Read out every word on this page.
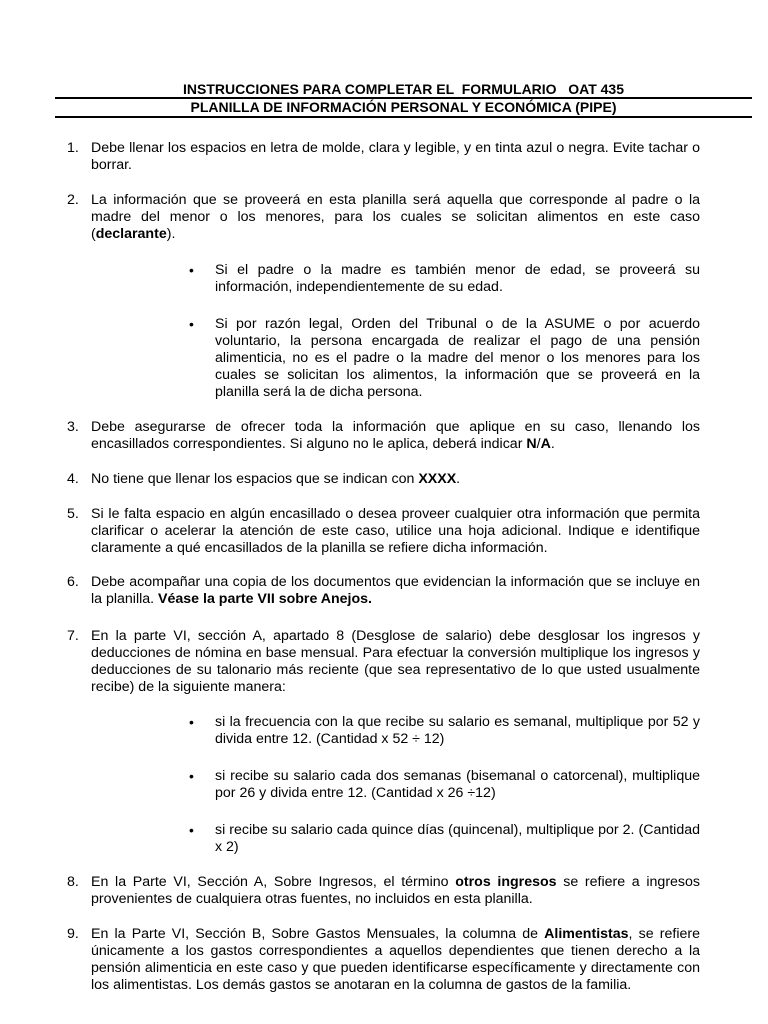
INSTRUCCIONES PARA COMPLETAR EL  FORMULARIO   OAT 435
PLANILLA DE INFORMACIÓN PERSONAL Y ECONÓMICA (PIPE)
1. Debe llenar los espacios en letra de molde, clara y legible, y en tinta azul o negra. Evite tachar o borrar.
2. La información que se proveerá en esta planilla será aquella que corresponde al padre o la madre del menor o los menores, para los cuales se solicitan alimentos en este caso (declarante).
• Si el padre o la madre es también menor de edad, se proveerá su información, independientemente de su edad.
• Si por razón legal, Orden del Tribunal o de la ASUME o por acuerdo voluntario, la persona encargada de realizar el pago de una pensión alimenticia, no es el padre o la madre del menor o los menores para los cuales se solicitan los alimentos, la información que se proveerá en la planilla será la de dicha persona.
3. Debe asegurarse de ofrecer toda la información que aplique en su caso, llenando los encasillados correspondientes. Si alguno no le aplica, deberá indicar N/A.
4. No tiene que llenar los espacios que se indican con XXXX.
5. Si le falta espacio en algún encasillado o desea proveer cualquier otra información que permita clarificar o acelerar la atención de este caso, utilice una hoja adicional. Indique e identifique claramente a qué encasillados de la planilla se refiere dicha información.
6. Debe acompañar una copia de los documentos que evidencian la información que se incluye en la planilla. Véase la parte VII sobre Anejos.
7. En la parte VI, sección A, apartado 8 (Desglose de salario) debe desglosar los ingresos y deducciones de nómina en base mensual. Para efectuar la conversión multiplique los ingresos y deducciones de su talonario más reciente (que sea representativo de lo que usted usualmente recibe) de la siguiente manera:
• si la frecuencia con la que recibe su salario es semanal, multiplique por 52 y divida entre 12. (Cantidad x 52 ÷ 12)
• si recibe su salario cada dos semanas (bisemanal o catorcenal), multiplique por 26 y divida entre 12. (Cantidad x 26 ÷12)
• si recibe su salario cada quince días (quincenal), multiplique por 2. (Cantidad x 2)
8. En la Parte VI, Sección A, Sobre Ingresos, el término otros ingresos se refiere a ingresos provenientes de cualquiera otras fuentes, no incluidos en esta planilla.
9. En la Parte VI, Sección B, Sobre Gastos Mensuales, la columna de Alimentistas, se refiere únicamente a los gastos correspondientes a aquellos dependientes que tienen derecho a la pensión alimenticia en este caso y que pueden identificarse específicamente y directamente con los alimentistas. Los demás gastos se anotaran en la columna de gastos de la familia.
